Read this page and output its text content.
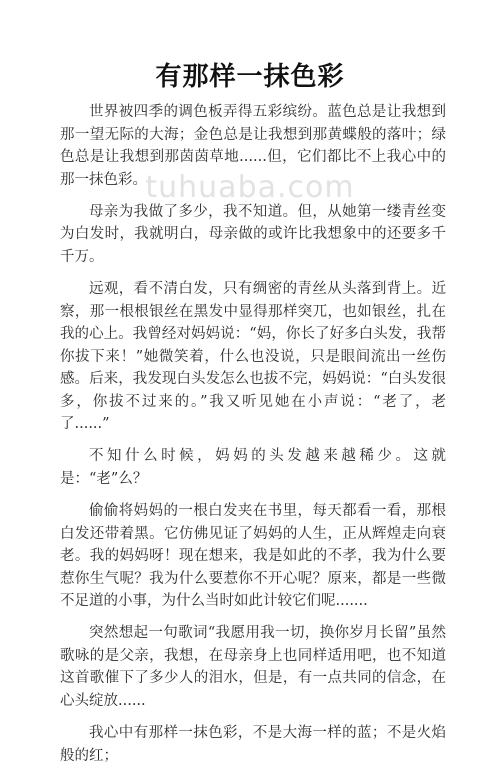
有那样一抹色彩

世界被四季的调色板弄得五彩缤纷。蓝色总是让我想到那一望无际的大海；金色总是让我想到那黄蝶般的落叶；绿色总是让我想到那茵茵草地......但，它们都比不上我心中的那一抹色彩。

母亲为我做了多少，我不知道。但，从她第一缕青丝变为白发时，我就明白，母亲做的或许比我想象中的还要多千千万。

远观，看不清白发，只有绸密的青丝从头落到背上。近察，那一根根银丝在黑发中显得那样突兀，也如银丝，扎在我的心上。我曾经对妈妈说：“妈，你长了好多白头发，我帮你拔下来！”她微笑着，什么也没说，只是眼间流出一丝伤感。后来，我发现白头发怎么也拔不完，妈妈说：“白头发很多，你拔不过来的。”我又听见她在小声说：“老了，老了......”

不知什么时候，妈妈的头发越来越稀少。这就是：“老”么？

偷偷将妈妈的一根白发夹在书里，每天都看一看，那根白发还带着黑。它仿佛见证了妈妈的人生，正从辉煌走向衰老。我的妈妈呀！现在想来，我是如此的不孝，我为什么要惹你生气呢？我为什么要惹你不开心呢？原来，都是一些微不足道的小事，为什么当时如此计较它们呢.......

突然想起一句歌词“我愿用我一切，换你岁月长留”虽然歌咏的是父亲，我想，在母亲身上也同样适用吧，也不知道这首歌催下了多少人的泪水，但是，有一点共同的信念，在心头绽放......

我心中有那样一抹色彩，不是大海一样的蓝；不是火焰般的红；

tuhuaba.com
